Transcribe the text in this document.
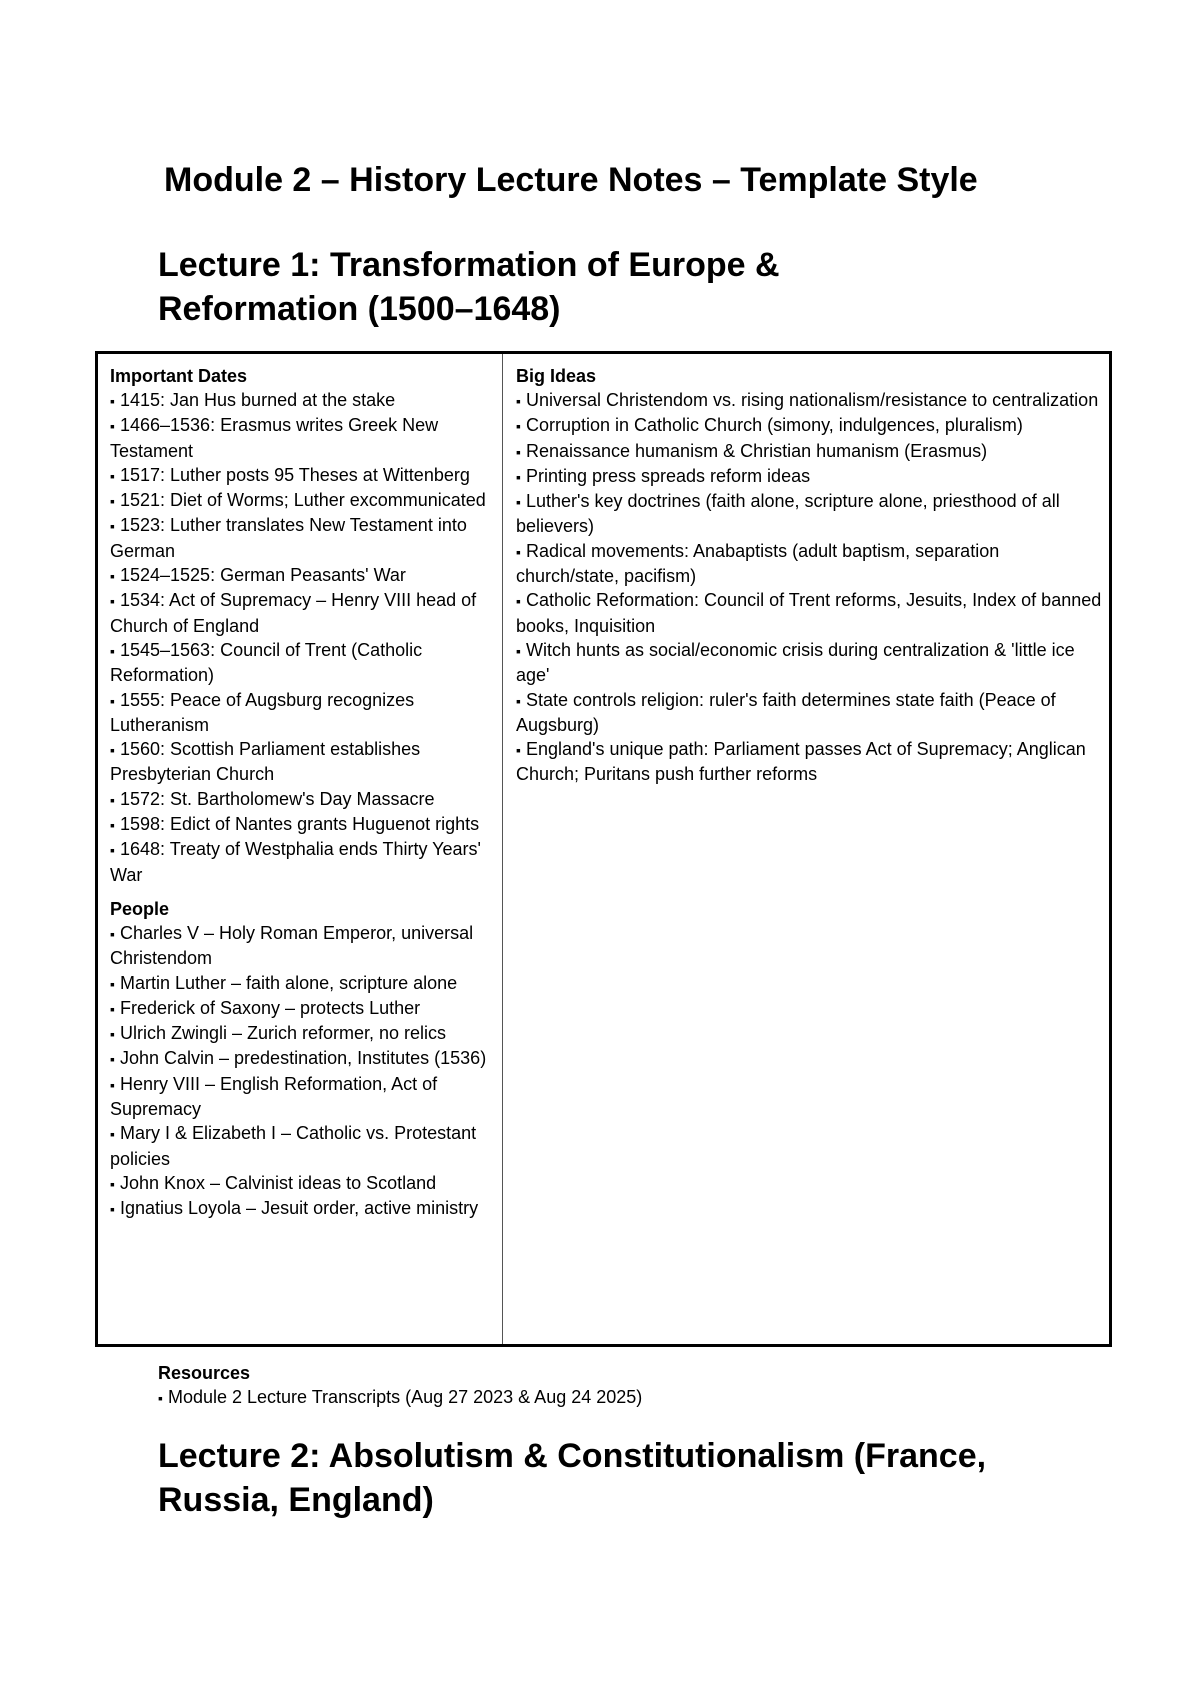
Module 2 – History Lecture Notes – Template Style
Lecture 1: Transformation of Europe & Reformation (1500–1648)
Important Dates
▪ 1415: Jan Hus burned at the stake
▪ 1466–1536: Erasmus writes Greek New Testament
▪ 1517: Luther posts 95 Theses at Wittenberg
▪ 1521: Diet of Worms; Luther excommunicated
▪ 1523: Luther translates New Testament into German
▪ 1524–1525: German Peasants' War
▪ 1534: Act of Supremacy – Henry VIII head of Church of England
▪ 1545–1563: Council of Trent (Catholic Reformation)
▪ 1555: Peace of Augsburg recognizes Lutheranism
▪ 1560: Scottish Parliament establishes Presbyterian Church
▪ 1572: St. Bartholomew's Day Massacre
▪ 1598: Edict of Nantes grants Huguenot rights
▪ 1648: Treaty of Westphalia ends Thirty Years' War
People
▪ Charles V – Holy Roman Emperor, universal Christendom
▪ Martin Luther – faith alone, scripture alone
▪ Frederick of Saxony – protects Luther
▪ Ulrich Zwingli – Zurich reformer, no relics
▪ John Calvin – predestination, Institutes (1536)
▪ Henry VIII – English Reformation, Act of Supremacy
▪ Mary I & Elizabeth I – Catholic vs. Protestant policies
▪ John Knox – Calvinist ideas to Scotland
▪ Ignatius Loyola – Jesuit order, active ministry
Big Ideas
▪ Universal Christendom vs. rising nationalism/resistance to centralization
▪ Corruption in Catholic Church (simony, indulgences, pluralism)
▪ Renaissance humanism & Christian humanism (Erasmus)
▪ Printing press spreads reform ideas
▪ Luther's key doctrines (faith alone, scripture alone, priesthood of all believers)
▪ Radical movements: Anabaptists (adult baptism, separation church/state, pacifism)
▪ Catholic Reformation: Council of Trent reforms, Jesuits, Index of banned books, Inquisition
▪ Witch hunts as social/economic crisis during centralization & 'little ice age'
▪ State controls religion: ruler's faith determines state faith (Peace of Augsburg)
▪ England's unique path: Parliament passes Act of Supremacy; Anglican Church; Puritans push further reforms
Resources
▪ Module 2 Lecture Transcripts (Aug 27 2023 & Aug 24 2025)
Lecture 2: Absolutism & Constitutionalism (France, Russia, England)
